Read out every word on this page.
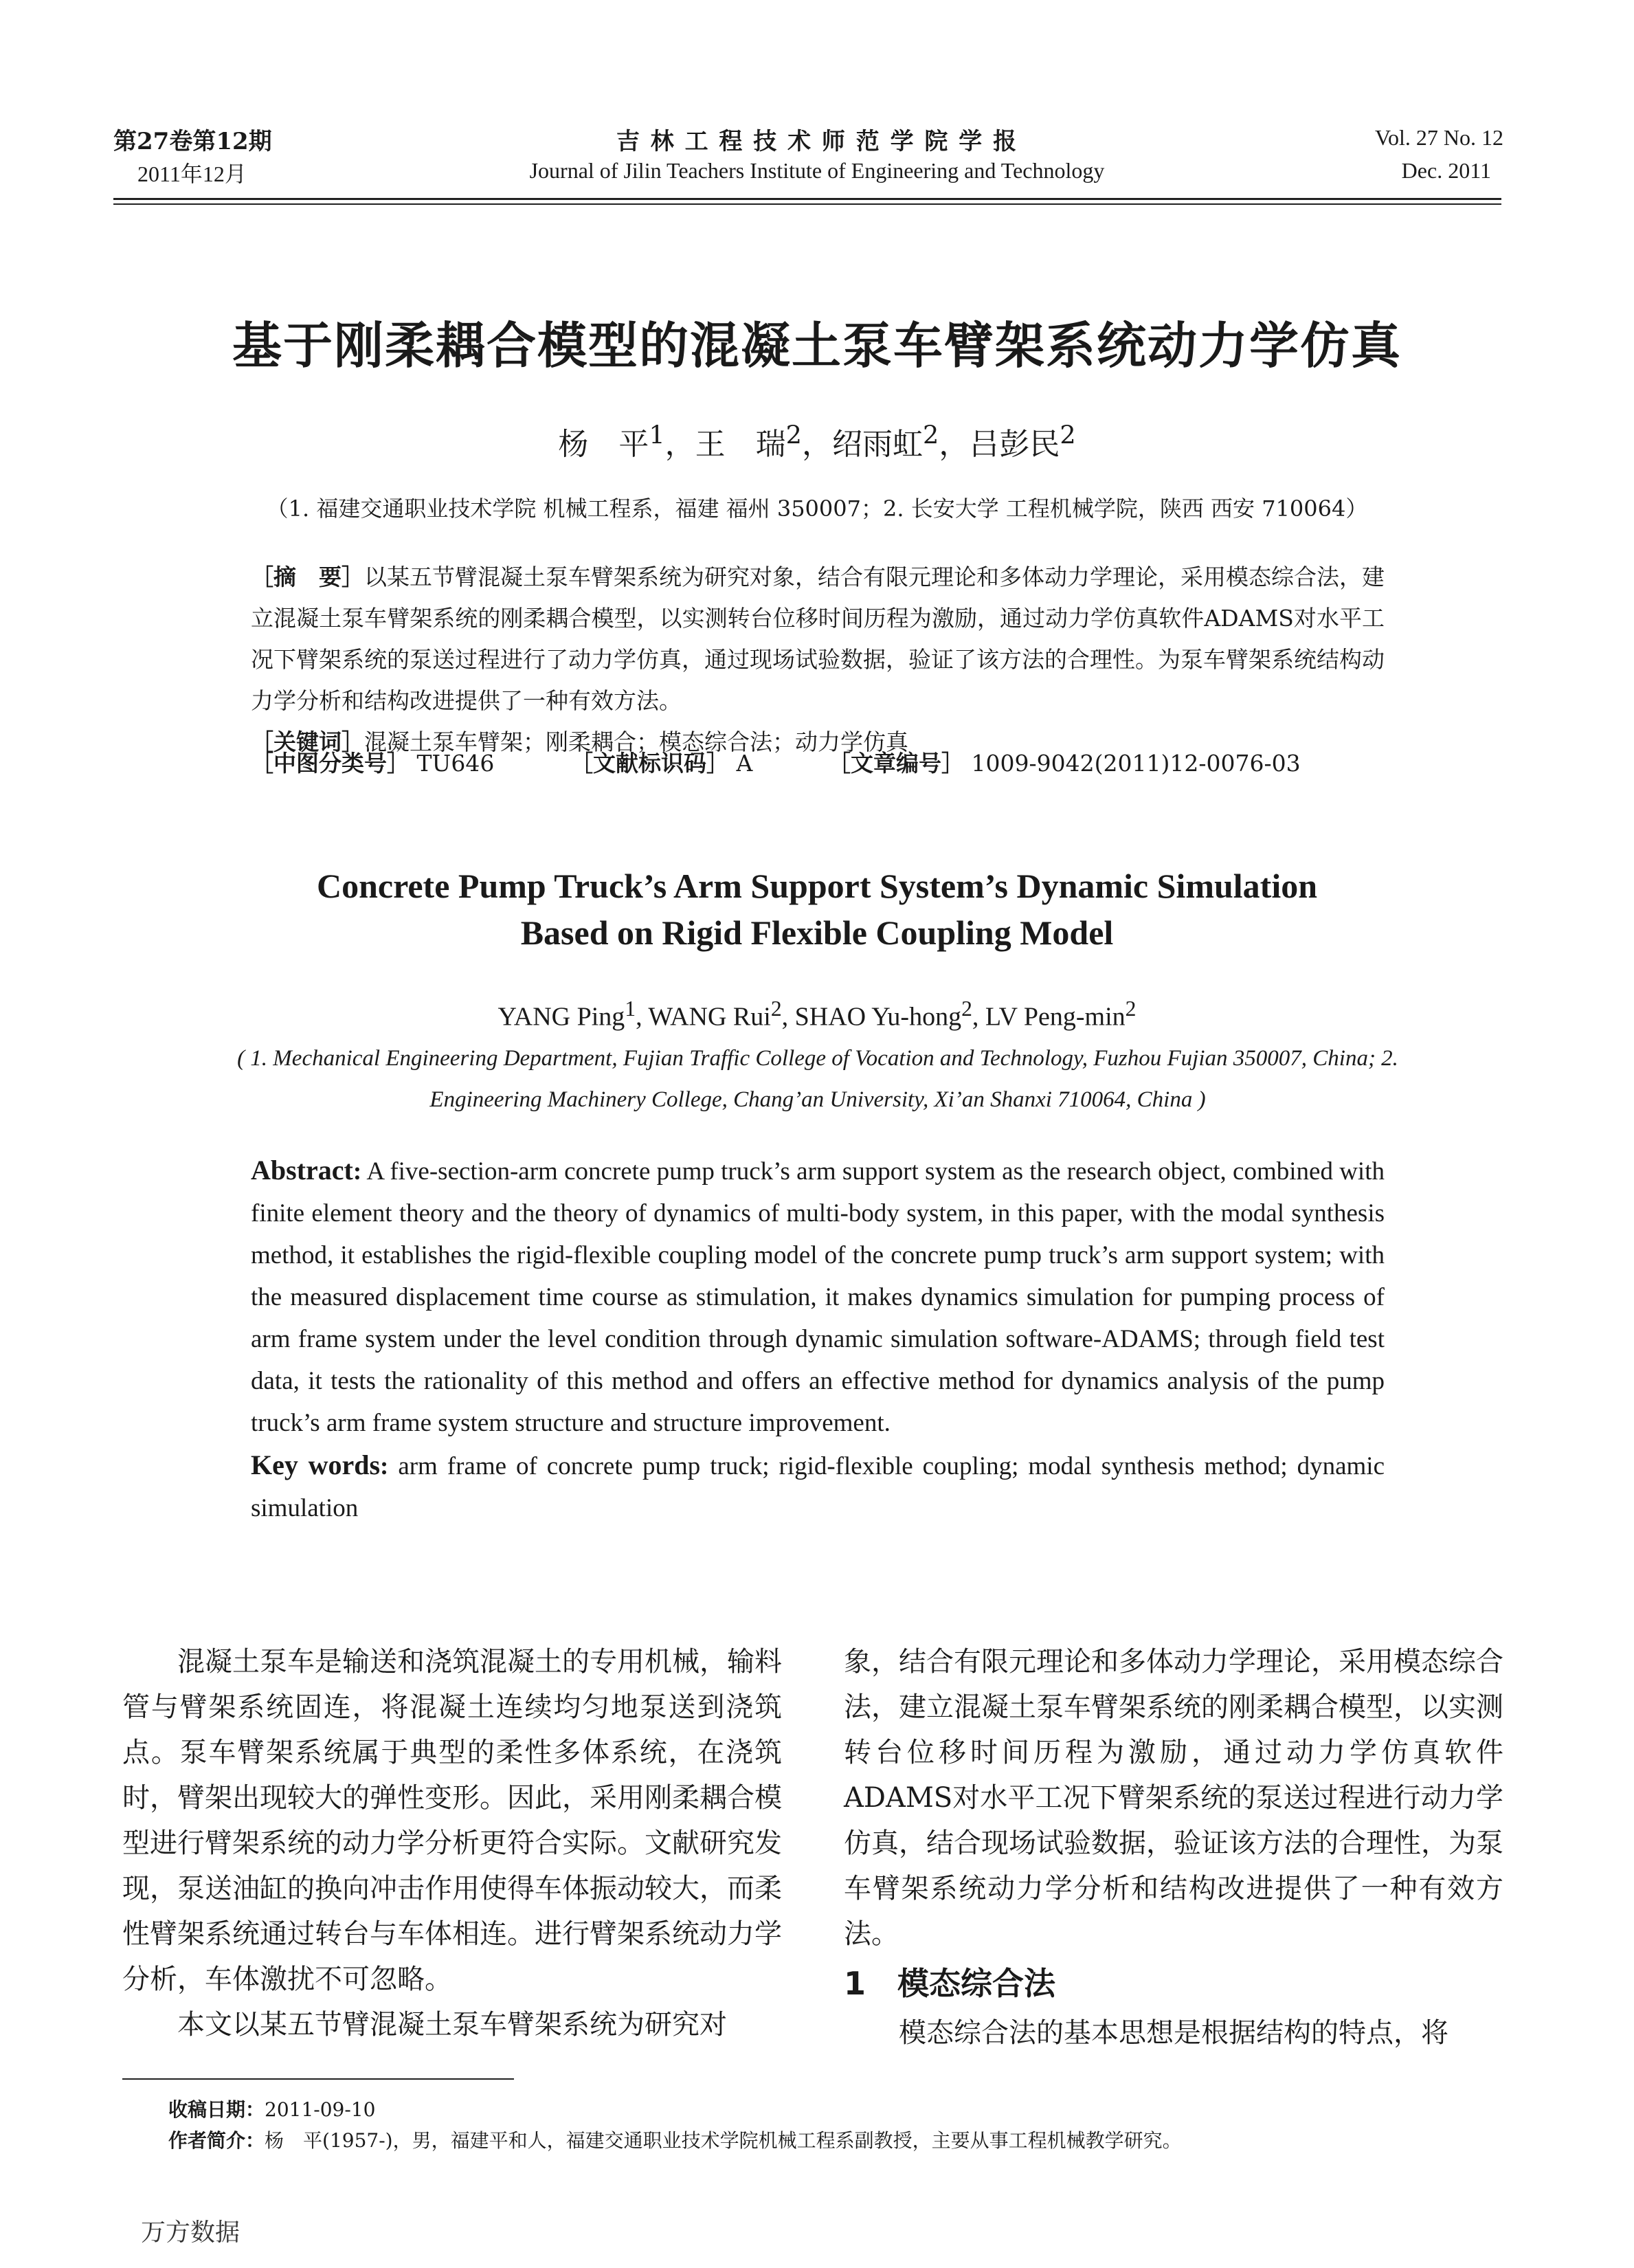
第27卷第12期
2011年12月
吉 林 工 程 技 术 师 范 学 院 学 报
Journal of Jilin Teachers Institute of Engineering and Technology
Vol. 27 No. 12
Dec. 2011
基于刚柔耦合模型的混凝土泵车臂架系统动力学仿真
杨　平$^1$，王　瑞$^2$，绍雨虹$^2$，吕彭民$^2$
（1. 福建交通职业技术学院 机械工程系，福建 福州 350007；2. 长安大学 工程机械学院，陕西 西安 710064）
［摘　要］以某五节臂混凝土泵车臂架系统为研究对象，结合有限元理论和多体动力学理论，采用模态综合法，建立混凝土泵车臂架系统的刚柔耦合模型，以实测转台位移时间历程为激励，通过动力学仿真软件ADAMS对水平工况下臂架系统的泵送过程进行了动力学仿真，通过现场试验数据，验证了该方法的合理性。为泵车臂架系统结构动力学分析和结构改进提供了一种有效方法。
［关键词］混凝土泵车臂架；刚柔耦合；模态综合法；动力学仿真
［中图分类号］ TU646	［文献标识码］ A	［文章编号］ 1009-9042(2011)12-0076-03
Concrete Pump Truck’s Arm Support System’s Dynamic Simulation
Based on Rigid Flexible Coupling Model
YANG Ping$^1$, WANG Rui$^2$, SHAO Yu-hong$^2$, LV Peng-$\min^2$
( 1. Mechanical Engineering Department, Fujian Traffic College of Vocation and Technology, Fuzhou Fujian 350007, China; 2. Engineering Machinery College, Chang’an University, Xi’an Shanxi 710064, China )
Abstract: A five-section-arm concrete pump truck’s arm support system as the research object, combined with finite element theory and the theory of dynamics of multi-body system, in this paper, with the modal synthesis method, it establishes the rigid-flexible coupling model of the concrete pump truck’s arm support system; with the measured displacement time course as stimulation, it makes dynamics simulation for pumping process of arm frame system under the level condition through dynamic simulation software-ADAMS; through field test data, it tests the rationality of this method and offers an effective method for dynamics analysis of the pump truck’s arm frame system structure and structure improvement.
Key words: arm frame of concrete pump truck; rigid-flexible coupling; modal synthesis method; dynamic simulation

混凝土泵车是输送和浇筑混凝土的专用机械，输料管与臂架系统固连，将混凝土连续均匀地泵送到浇筑点。泵车臂架系统属于典型的柔性多体系统，在浇筑时，臂架出现较大的弹性变形。因此，采用刚柔耦合模型进行臂架系统的动力学分析更符合实际。文献研究发现，泵送油缸的换向冲击作用使得车体振动较大，而柔性臂架系统通过转台与车体相连。进行臂架系统动力学分析，车体激扰不可忽略。

本文以某五节臂混凝土泵车臂架系统为研究对

象，结合有限元理论和多体动力学理论，采用模态综合法，建立混凝土泵车臂架系统的刚柔耦合模型，以实测转台位移时间历程为激励，通过动力学仿真软件ADAMS对水平工况下臂架系统的泵送过程进行动力学仿真，结合现场试验数据，验证该方法的合理性，为泵车臂架系统动力学分析和结构改进提供了一种有效方法。

1　模态综合法

模态综合法的基本思想是根据结构的特点，将

收稿日期：2011-09-10
作者简介：杨　平(1957-)，男，福建平和人，福建交通职业技术学院机械工程系副教授，主要从事工程机械教学研究。
万方数据
